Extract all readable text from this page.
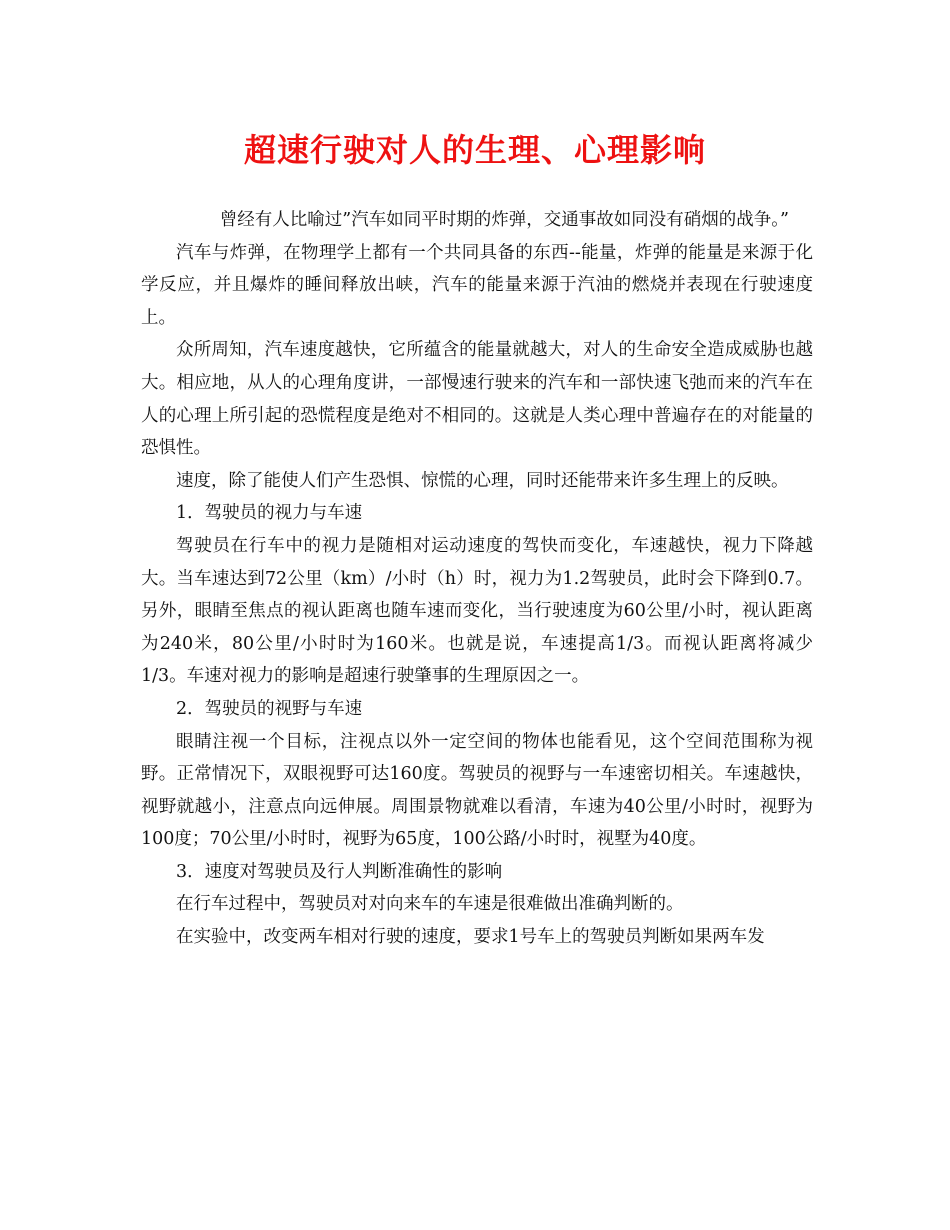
超速行驶对人的生理、心理影响

曾经有人比喻过”汽车如同平时期的炸弹，交通事故如同没有硝烟的战争。”

汽车与炸弹，在物理学上都有一个共同具备的东西--能量，炸弹的能量是来源于化学反应，并且爆炸的睡间释放出峡，汽车的能量来源于汽油的燃烧并表现在行驶速度上。

众所周知，汽车速度越快，它所蕴含的能量就越大，对人的生命安全造成威胁也越大。相应地，从人的心理角度讲，一部慢速行驶来的汽车和一部快速飞弛而来的汽车在人的心理上所引起的恐慌程度是绝对不相同的。这就是人类心理中普遍存在的对能量的恐惧性。

速度，除了能使人们产生恐惧、惊慌的心理，同时还能带来许多生理上的反映。

1．驾驶员的视力与车速

驾驶员在行车中的视力是随相对运动速度的驾快而变化，车速越快，视力下降越大。当车速达到72公里（km）/小时（h）时，视力为1.2驾驶员，此时会下降到0.7。另外，眼睛至焦点的视认距离也随车速而变化，当行驶速度为60公里/小时，视认距离为240米，80公里/小时时为160米。也就是说，车速提高1/3。而视认距离将减少1/3。车速对视力的影响是超速行驶肇事的生理原因之一。

2．驾驶员的视野与车速

眼睛注视一个目标，注视点以外一定空间的物体也能看见，这个空间范围称为视野。正常情况下，双眼视野可达160度。驾驶员的视野与一车速密切相关。车速越快，视野就越小，注意点向远伸展。周围景物就难以看清，车速为40公里/小时时，视野为100度；70公里/小时时，视野为65度，100公路/小时时，视墅为40度。

3．速度对驾驶员及行人判断准确性的影响

在行车过程中，驾驶员对对向来车的车速是很难做出准确判断的。

在实验中，改变两车相对行驶的速度，要求1号车上的驾驶员判断如果两车发
